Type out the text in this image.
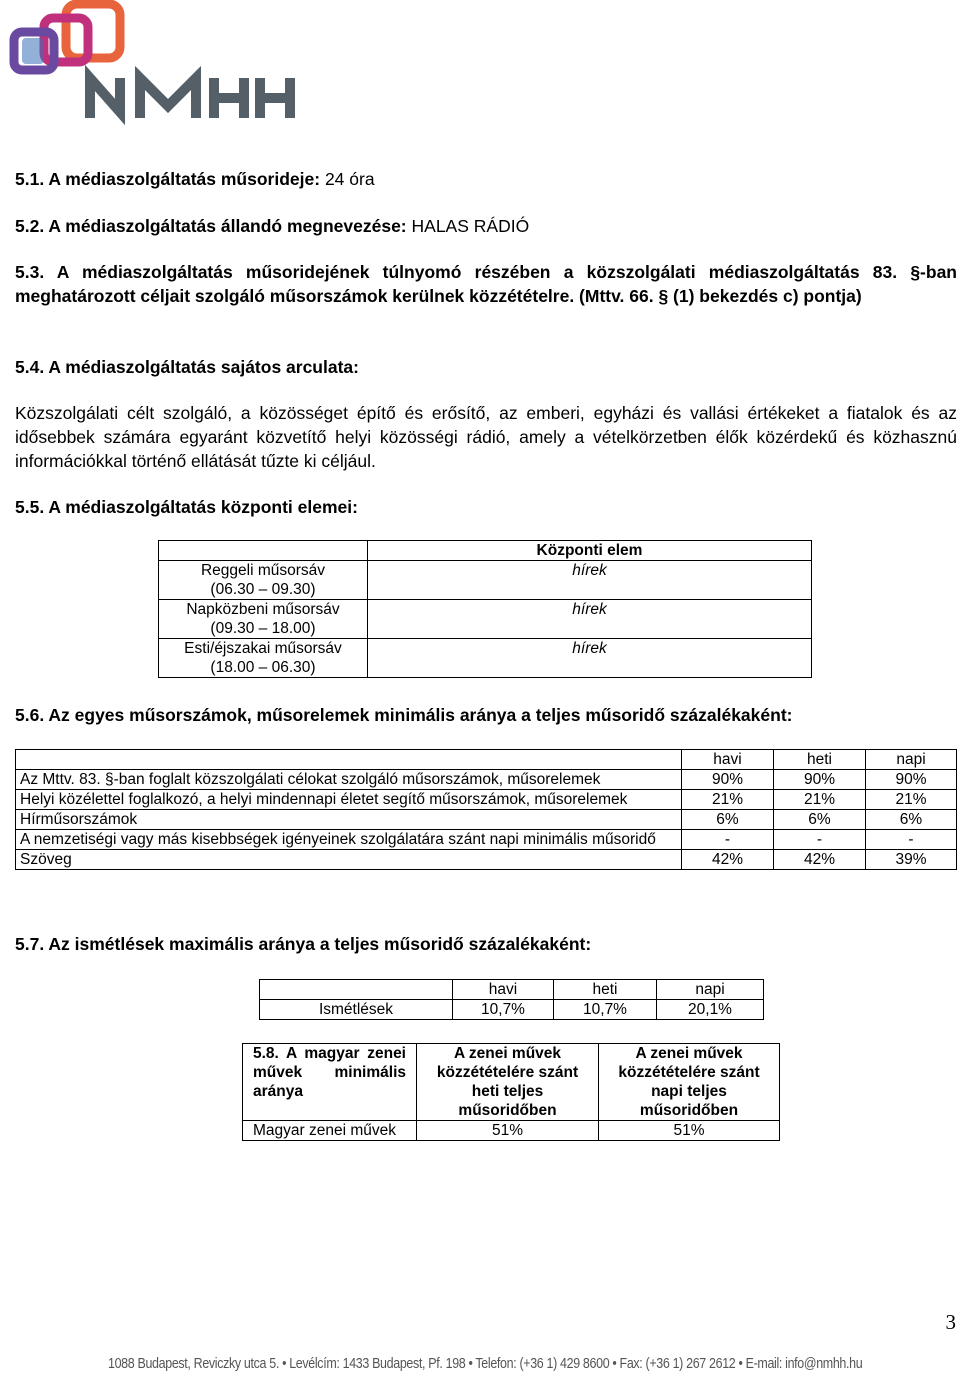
5.1. A médiaszolgáltatás műsorideje: 24 óra

5.2. A médiaszolgáltatás állandó megnevezése: HALAS RÁDIÓ

5.3. A médiaszolgáltatás műsoridejének túlnyomó részében a közszolgálati médiaszolgáltatás 83. §-ban meghatározott céljait szolgáló műsorszámok kerülnek közzétételre. (Mttv. 66. § (1) bekezdés c) pontja)

5.4. A médiaszolgáltatás sajátos arculata:

Közszolgálati célt szolgáló, a közösséget építő és erősítő, az emberi, egyházi és vallási értékeket a fiatalok és az idősebbek számára egyaránt közvetítő helyi közösségi rádió, amely a vételkörzetben élők közérdekű és közhasznú információkkal történő ellátását tűzte ki céljául.

5.5. A médiaszolgáltatás központi elemei:

	Központi elem

Reggeli műsorsáv
(06.30 – 09.30)	hírek

Napközbeni műsorsáv
(09.30 – 18.00)	hírek

Esti/éjszakai műsorsáv
(18.00 – 06.30)	hírek

5.6. Az egyes műsorszámok, műsorelemek minimális aránya a teljes műsoridő százalékaként:

	havi	heti	napi
Az Mttv. 83. §-ban foglalt közszolgálati célokat szolgáló műsorszámok, műsorelemek	90%	90%	90%
Helyi közélettel foglalkozó, a helyi mindennapi életet segítő műsorszámok, műsorelemek	21%	21%	21%
Hírműsorszámok	6%	6%	6%
A nemzetiségi vagy más kisebbségek igényeinek szolgálatára szánt napi minimális műsoridő	-	-	-
Szöveg	42%	42%	39%

5.7. Az ismétlések maximális aránya a teljes műsoridő százalékaként:

	havi	heti	napi
Ismétlések	10,7%	10,7%	20,1%
5.8. A magyar zenei művek minimális aránya	A zenei művek közzétételére szánt heti teljes műsoridőben	A zenei művek közzétételére szánt napi teljes műsoridőben
Magyar zenei művek	51%	51%
3
1088 Budapest, Reviczky utca 5. • Levélcím: 1433 Budapest, Pf. 198 • Telefon: (+36 1) 429 8600 • Fax: (+36 1) 267 2612 • E-mail: info@nmhh.hu
